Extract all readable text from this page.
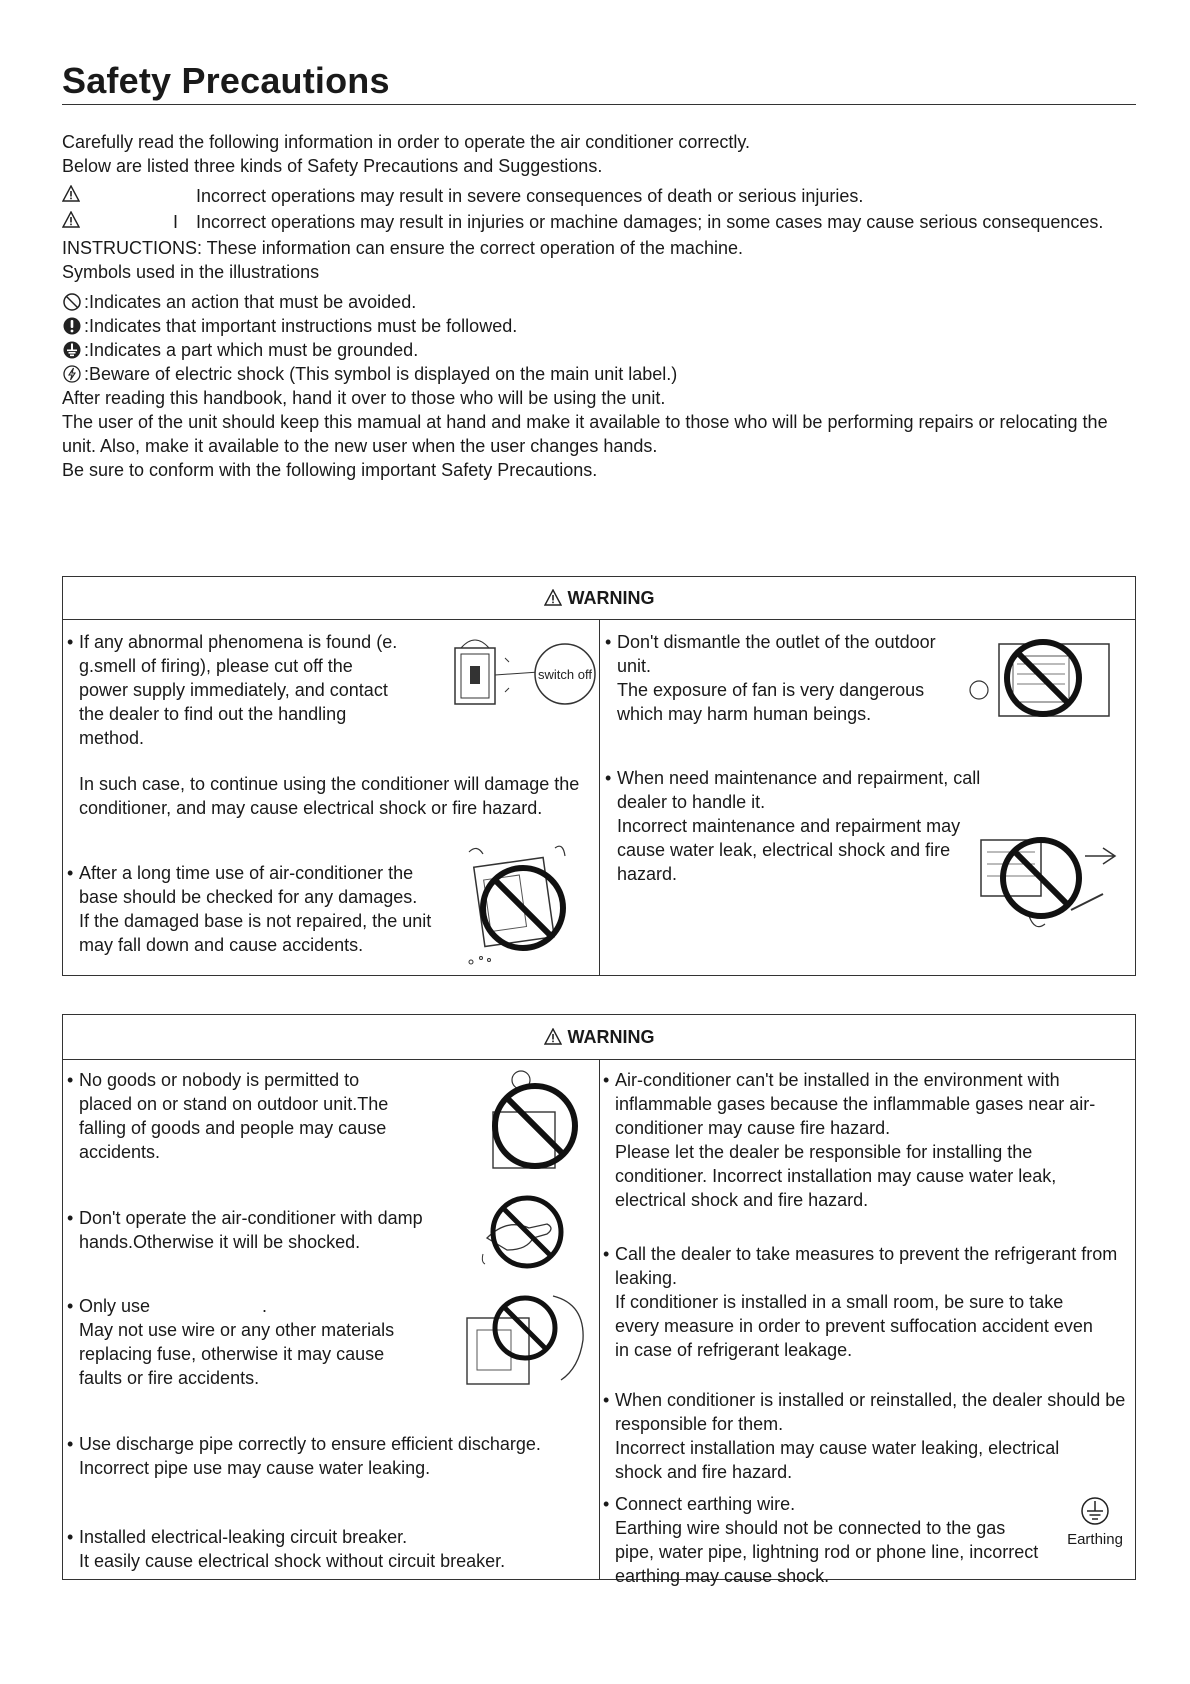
Safety Precautions

Carefully read the following information in order to operate the air conditioner correctly.

Below are listed three kinds of Safety Precautions and Suggestions.

Incorrect operations may result in severe consequences of death or serious injuries.
I Incorrect operations may result in injuries or machine damages; in some cases may cause serious consequences.

INSTRUCTIONS: These information can ensure the correct operation of the machine.

Symbols used in the illustrations

:Indicates an action that must be avoided.
:Indicates that important instructions must be followed.
:Indicates a part which must be grounded.
:Beware of electric shock (This symbol is displayed on the main unit label.)

After reading this handbook, hand it over to those who will be using the unit.

The user of the unit should keep this mamual at hand and make it available to those who will be performing repairs or relocating the unit. Also, make it available to the new user when the user changes hands.

Be sure to conform with the following important Safety Precautions.

WARNING
• If any abnormal phenomena is found (e. g.smell of firing), please cut off the power supply immediately, and contact the dealer to find out the handling method.

switch off

In such case, to continue using the conditioner will damage the conditioner, and may cause electrical shock or fire hazard.

• After a long time use of air-conditioner the base should be checked for any damages.

If the damaged base is not repaired, the unit may fall down and cause accidents.

• Don't dismantle the outlet of the outdoor unit.

The exposure of fan is very dangerous which may harm human beings.

• When need maintenance and repairment, call dealer to handle it.

Incorrect maintenance and repairment may cause water leak, electrical shock and fire hazard.

WARNING
• No goods or nobody is permitted to placed on or stand on outdoor unit.The falling of goods and people may cause accidents.

• Don't operate the air-conditioner with damp hands.Otherwise it will be shocked.

• Only use	.

May not use wire or any other materials replacing fuse, otherwise it may cause faults or fire accidents.

• Use discharge pipe correctly to ensure efficient discharge.

Incorrect pipe use may cause water leaking.

• Installed electrical-leaking circuit breaker.

It easily cause electrical shock without circuit breaker.

• Air-conditioner can't be installed in the environment with inflammable gases because the inflammable gases near air-conditioner may cause fire hazard.

Please let the dealer be responsible for installing the conditioner. Incorrect installation may cause water leak, electrical shock and fire hazard.

• Call the dealer to take measures to prevent the refrigerant from leaking.

If conditioner is installed in a small room, be sure to take every measure in order to prevent suffocation accident even in case of refrigerant leakage.

• When conditioner is installed or reinstalled, the dealer should be responsible for them.

Incorrect installation may cause water leaking, electrical shock and fire hazard.

• Connect earthing wire.

Earthing wire should not be connected to the gas pipe, water pipe, lightning rod or phone line, incorrect earthing may cause shock.

Earthing
